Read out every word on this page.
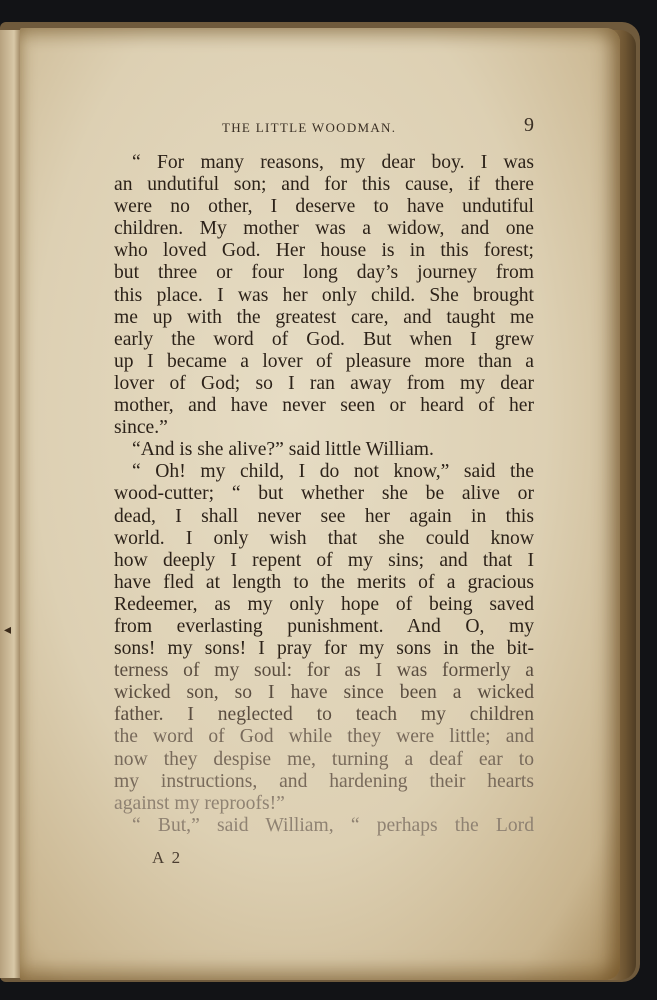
◂
THE LITTLE WOODMAN.	9
“ For many reasons, my dear boy. I was
an undutiful son; and for this cause, if there
were no other, I deserve to have undutiful
children. My mother was a widow, and one
who loved God. Her house is in this forest;
but three or four long day’s journey from
this place. I was her only child. She brought
me up with the greatest care, and taught me
early the word of God. But when I grew
up I became a lover of pleasure more than a
lover of God; so I ran away from my dear
mother, and have never seen or heard of her
since.”
“And is she alive?” said little William.
“ Oh! my child, I do not know,” said the
wood-cutter; “ but whether she be alive or
dead, I shall never see her again in this
world. I only wish that she could know
how deeply I repent of my sins; and that I
have fled at length to the merits of a gracious
Redeemer, as my only hope of being saved
from everlasting punishment. And O, my
sons! my sons! I pray for my sons in the bit-
terness of my soul: for as I was formerly a
wicked son, so I have since been a wicked
father. I neglected to teach my children
the word of God while they were little; and
now they despise me, turning a deaf ear to
my instructions, and hardening their hearts
against my reproofs!”
“ But,” said William, “ perhaps the Lord
A 2
